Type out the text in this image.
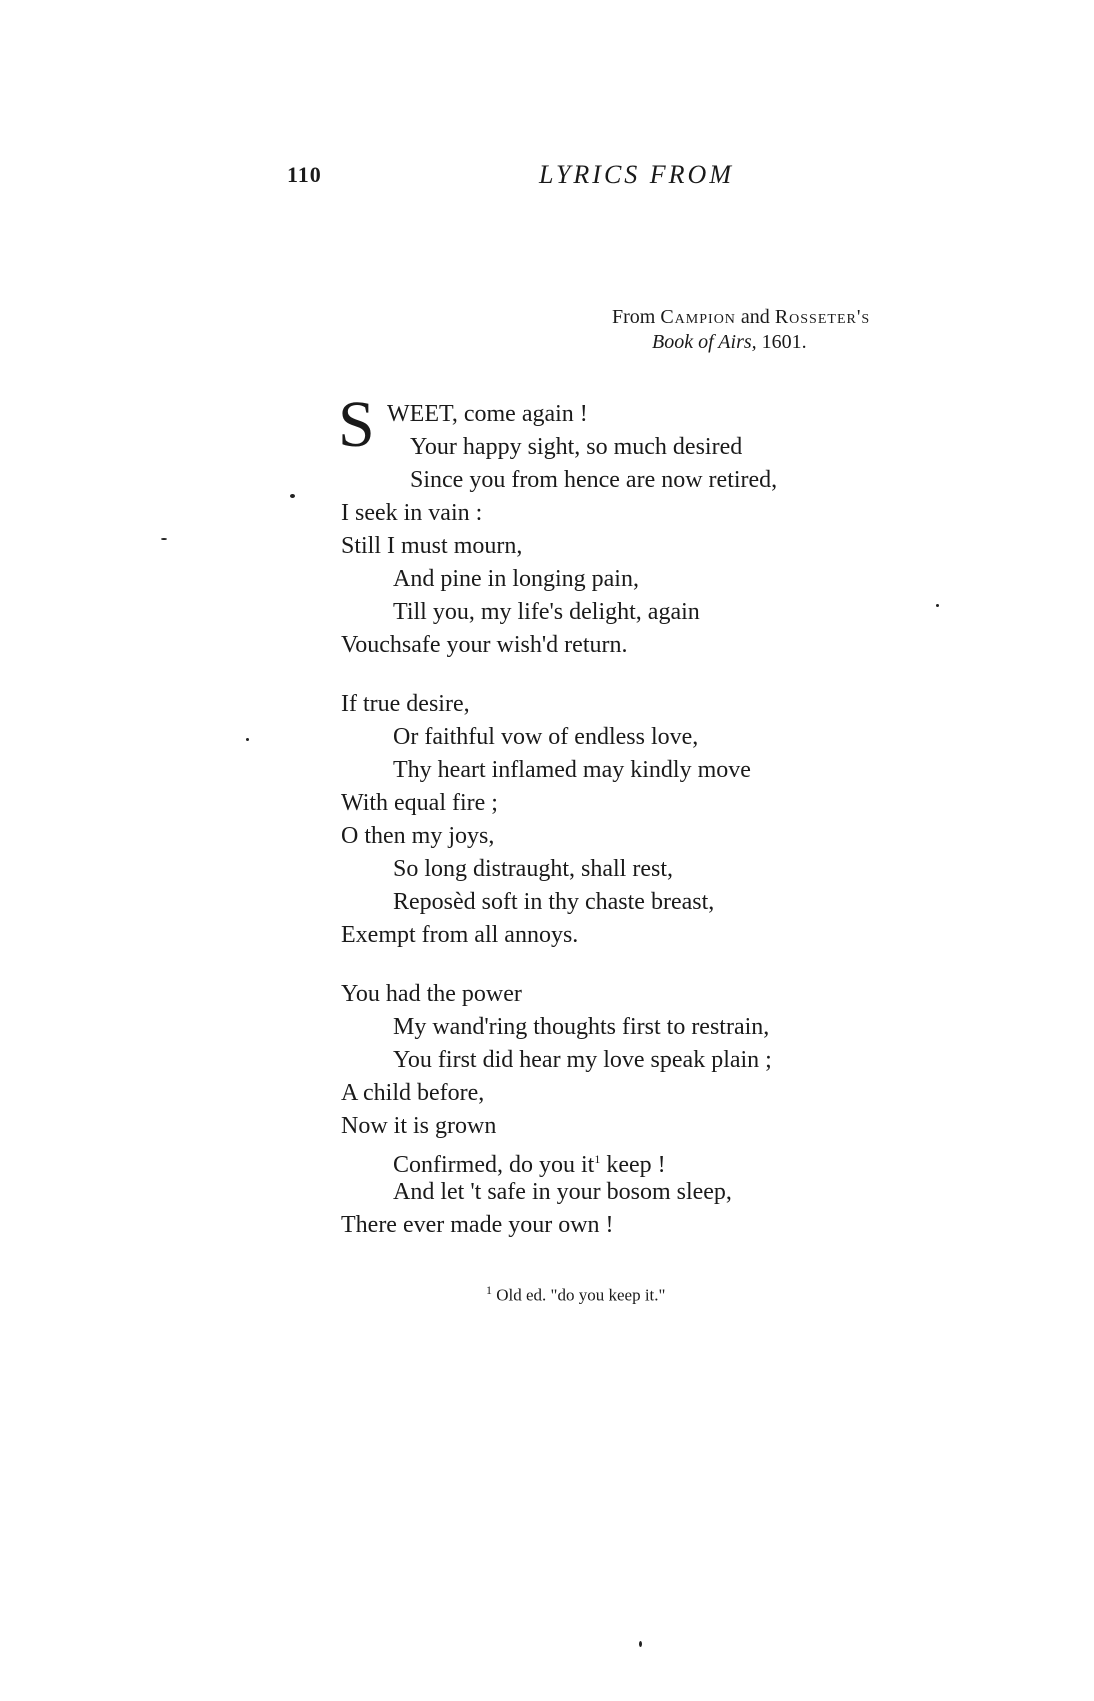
110	LYRICS FROM
From Campion and Rosseter's
Book of Airs, 1601.
S WEET, come again !
Your happy sight, so much desired
Since you from hence are now retired,
I seek in vain :
Still I must mourn,
And pine in longing pain,
Till you, my life's delight, again
Vouchsafe your wish'd return.
If true desire,
Or faithful vow of endless love,
Thy heart inflamed may kindly move
With equal fire ;
O then my joys,
So long distraught, shall rest,
Reposèd soft in thy chaste breast,
Exempt from all annoys.
You had the power
My wand'ring thoughts first to restrain,
You first did hear my love speak plain ;
A child before,
Now it is grown
Confirmed, do you $it^1$ keep !
And let 't safe in your bosom sleep,
There ever made your own !
$^1$ Old ed. "do you keep it."
